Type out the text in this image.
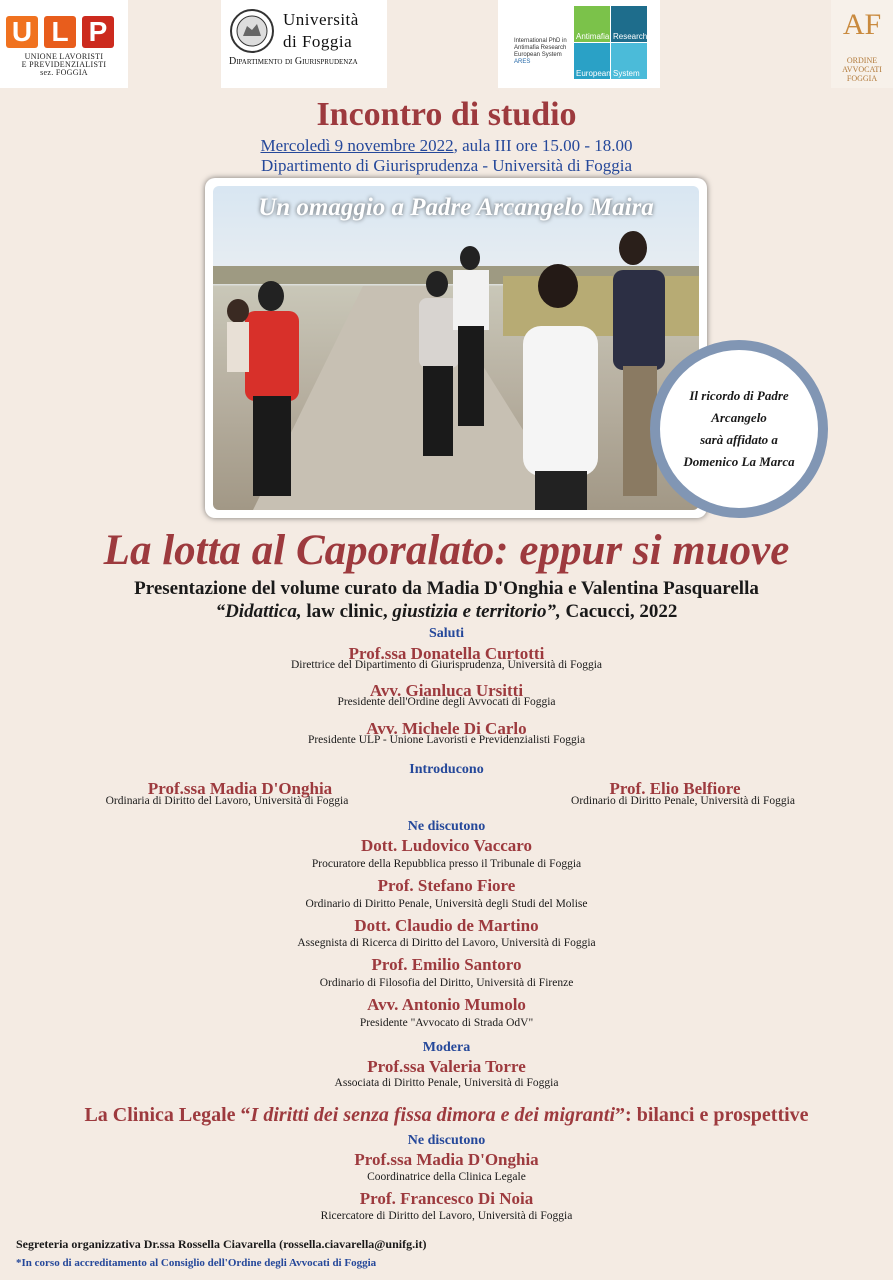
U L P
UNIONE LAVORISTI
E PREVIDENZIALISTI
sez. FOGGIA
Università
di Foggia
Dipartimento di Giurisprudenza
International PhD in
Antimafia Research
European System
ARES
Antimafia Research
European System
AF
ORDINE
AVVOCATI
FOGGIA
Incontro di studio
Mercoledì 9 novembre 2022, aula III ore 15.00 - 18.00
Dipartimento di Giurisprudenza - Università di Foggia
Un omaggio a Padre Arcangelo Maira
Il ricordo di Padre
Arcangelo
sarà affidato a
Domenico La Marca
La lotta al Caporalato: eppur si muove
Presentazione del volume curato da Madia D'Onghia e Valentina Pasquarella
“Didattica, law clinic, giustizia e territorio”, Cacucci, 2022
Saluti
Prof.ssa Donatella Curtotti
Direttrice del Dipartimento di Giurisprudenza, Università di Foggia
Avv. Gianluca Ursitti
Presidente dell'Ordine degli Avvocati di Foggia
Avv. Michele Di Carlo
Presidente ULP - Unione Lavoristi e Previdenzialisti Foggia
Introducono
Prof.ssa Madia D'Onghia
Ordinaria di Diritto del Lavoro, Università di Foggia
Prof. Elio Belfiore
Ordinario di Diritto Penale, Università di Foggia
Ne discutono
Dott. Ludovico Vaccaro
Procuratore della Repubblica presso il Tribunale di Foggia
Prof. Stefano Fiore
Ordinario di Diritto Penale, Università degli Studi del Molise
Dott. Claudio de Martino
Assegnista di Ricerca di Diritto del Lavoro, Università di Foggia
Prof. Emilio Santoro
Ordinario di Filosofia del Diritto, Università di Firenze
Avv. Antonio Mumolo
Presidente "Avvocato di Strada OdV"
Modera
Prof.ssa Valeria Torre
Associata di Diritto Penale, Università di Foggia
La Clinica Legale “I diritti dei senza fissa dimora e dei migranti”: bilanci e prospettive
Ne discutono
Prof.ssa Madia D'Onghia
Coordinatrice della Clinica Legale
Prof. Francesco Di Noia
Ricercatore di Diritto del Lavoro, Università di Foggia
Segreteria organizzativa Dr.ssa Rossella Ciavarella (rossella.ciavarella@unifg.it)
*In corso di accreditamento al Consiglio dell'Ordine degli Avvocati di Foggia
